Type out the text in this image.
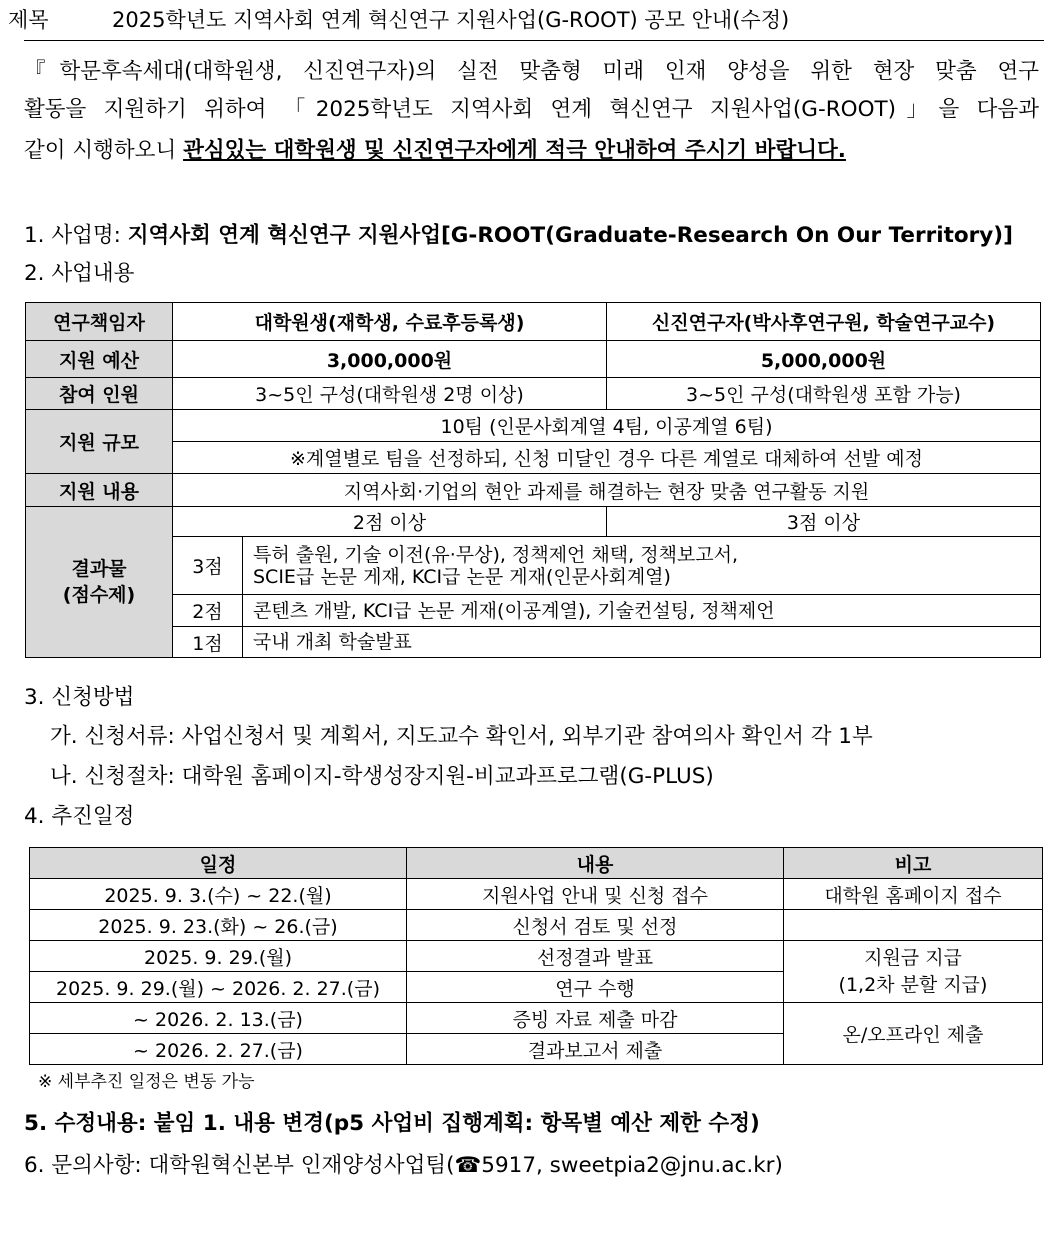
제목	2025학년도 지역사회 연계 혁신연구 지원사업(G-ROOT) 공모 안내(수정)
『학문후속세대(대학원생, 신진연구자)의 실전 맞춤형 미래 인재 양성을 위한 현장 맞춤 연구
활동을 지원하기 위하여 「2025학년도 지역사회 연계 혁신연구 지원사업(G-ROOT)」을 다음과
같이 시행하오니 관심있는 대학원생 및 신진연구자에게 적극 안내하여 주시기 바랍니다.
1. 사업명: 지역사회 연계 혁신연구 지원사업[G-ROOT(Graduate-Research On Our Territory)]
2. 사업내용
연구책임자	대학원생(재학생, 수료후등록생)		신진연구자(박사후연구원, 학술연구교수)
지원 예산	3,000,000원		5,000,000원
참여 인원	3~5인 구성(대학원생 2명 이상)		3~5인 구성(대학원생 포함 가능)
지원 규모	10팀 (인문사회계열 4팀, 이공계열 6팀)		
	※계열별로 팀을 선정하되, 신청 미달인 경우 다른 계열로 대체하여 선발 예정		
지원 내용	지역사회·기업의 현안 과제를 해결하는 현장 맞춤 연구활동 지원		
결과물
(점수제)	2점 이상		3점 이상
	3점	특허 출원, 기술 이전(유·무상), 정책제언 채택, 정책보고서,
SCIE급 논문 게재, KCI급 논문 게재(인문사회계열)	
	2점	콘텐츠 개발, KCI급 논문 게재(이공계열), 기술컨설팅, 정책제언	
	1점	국내 개최 학술발표	
3. 신청방법
가. 신청서류: 사업신청서 및 계획서, 지도교수 확인서, 외부기관 참여의사 확인서 각 1부
나. 신청절차: 대학원 홈페이지-학생성장지원-비교과프로그램(G-PLUS)
4. 추진일정
일정	내용	비고
2025. 9. 3.(수) ~ 22.(월)	지원사업 안내 및 신청 접수	대학원 홈페이지 접수
2025. 9. 23.(화) ~ 26.(금)	신청서 검토 및 선정	
2025. 9. 29.(월)	선정결과 발표	지원금 지급
(1,2차 분할 지급)
2025. 9. 29.(월) ~ 2026. 2. 27.(금)	연구 수행	
~ 2026. 2. 13.(금)	증빙 자료 제출 마감	온/오프라인 제출
~ 2026. 2. 27.(금)	결과보고서 제출	
※ 세부추진 일정은 변동 가능
5. 수정내용: 붙임 1. 내용 변경(p5 사업비 집행계획: 항목별 예산 제한 수정)
6. 문의사항: 대학원혁신본부 인재양성사업팀(☎5917, sweetpia2@jnu.ac.kr)
